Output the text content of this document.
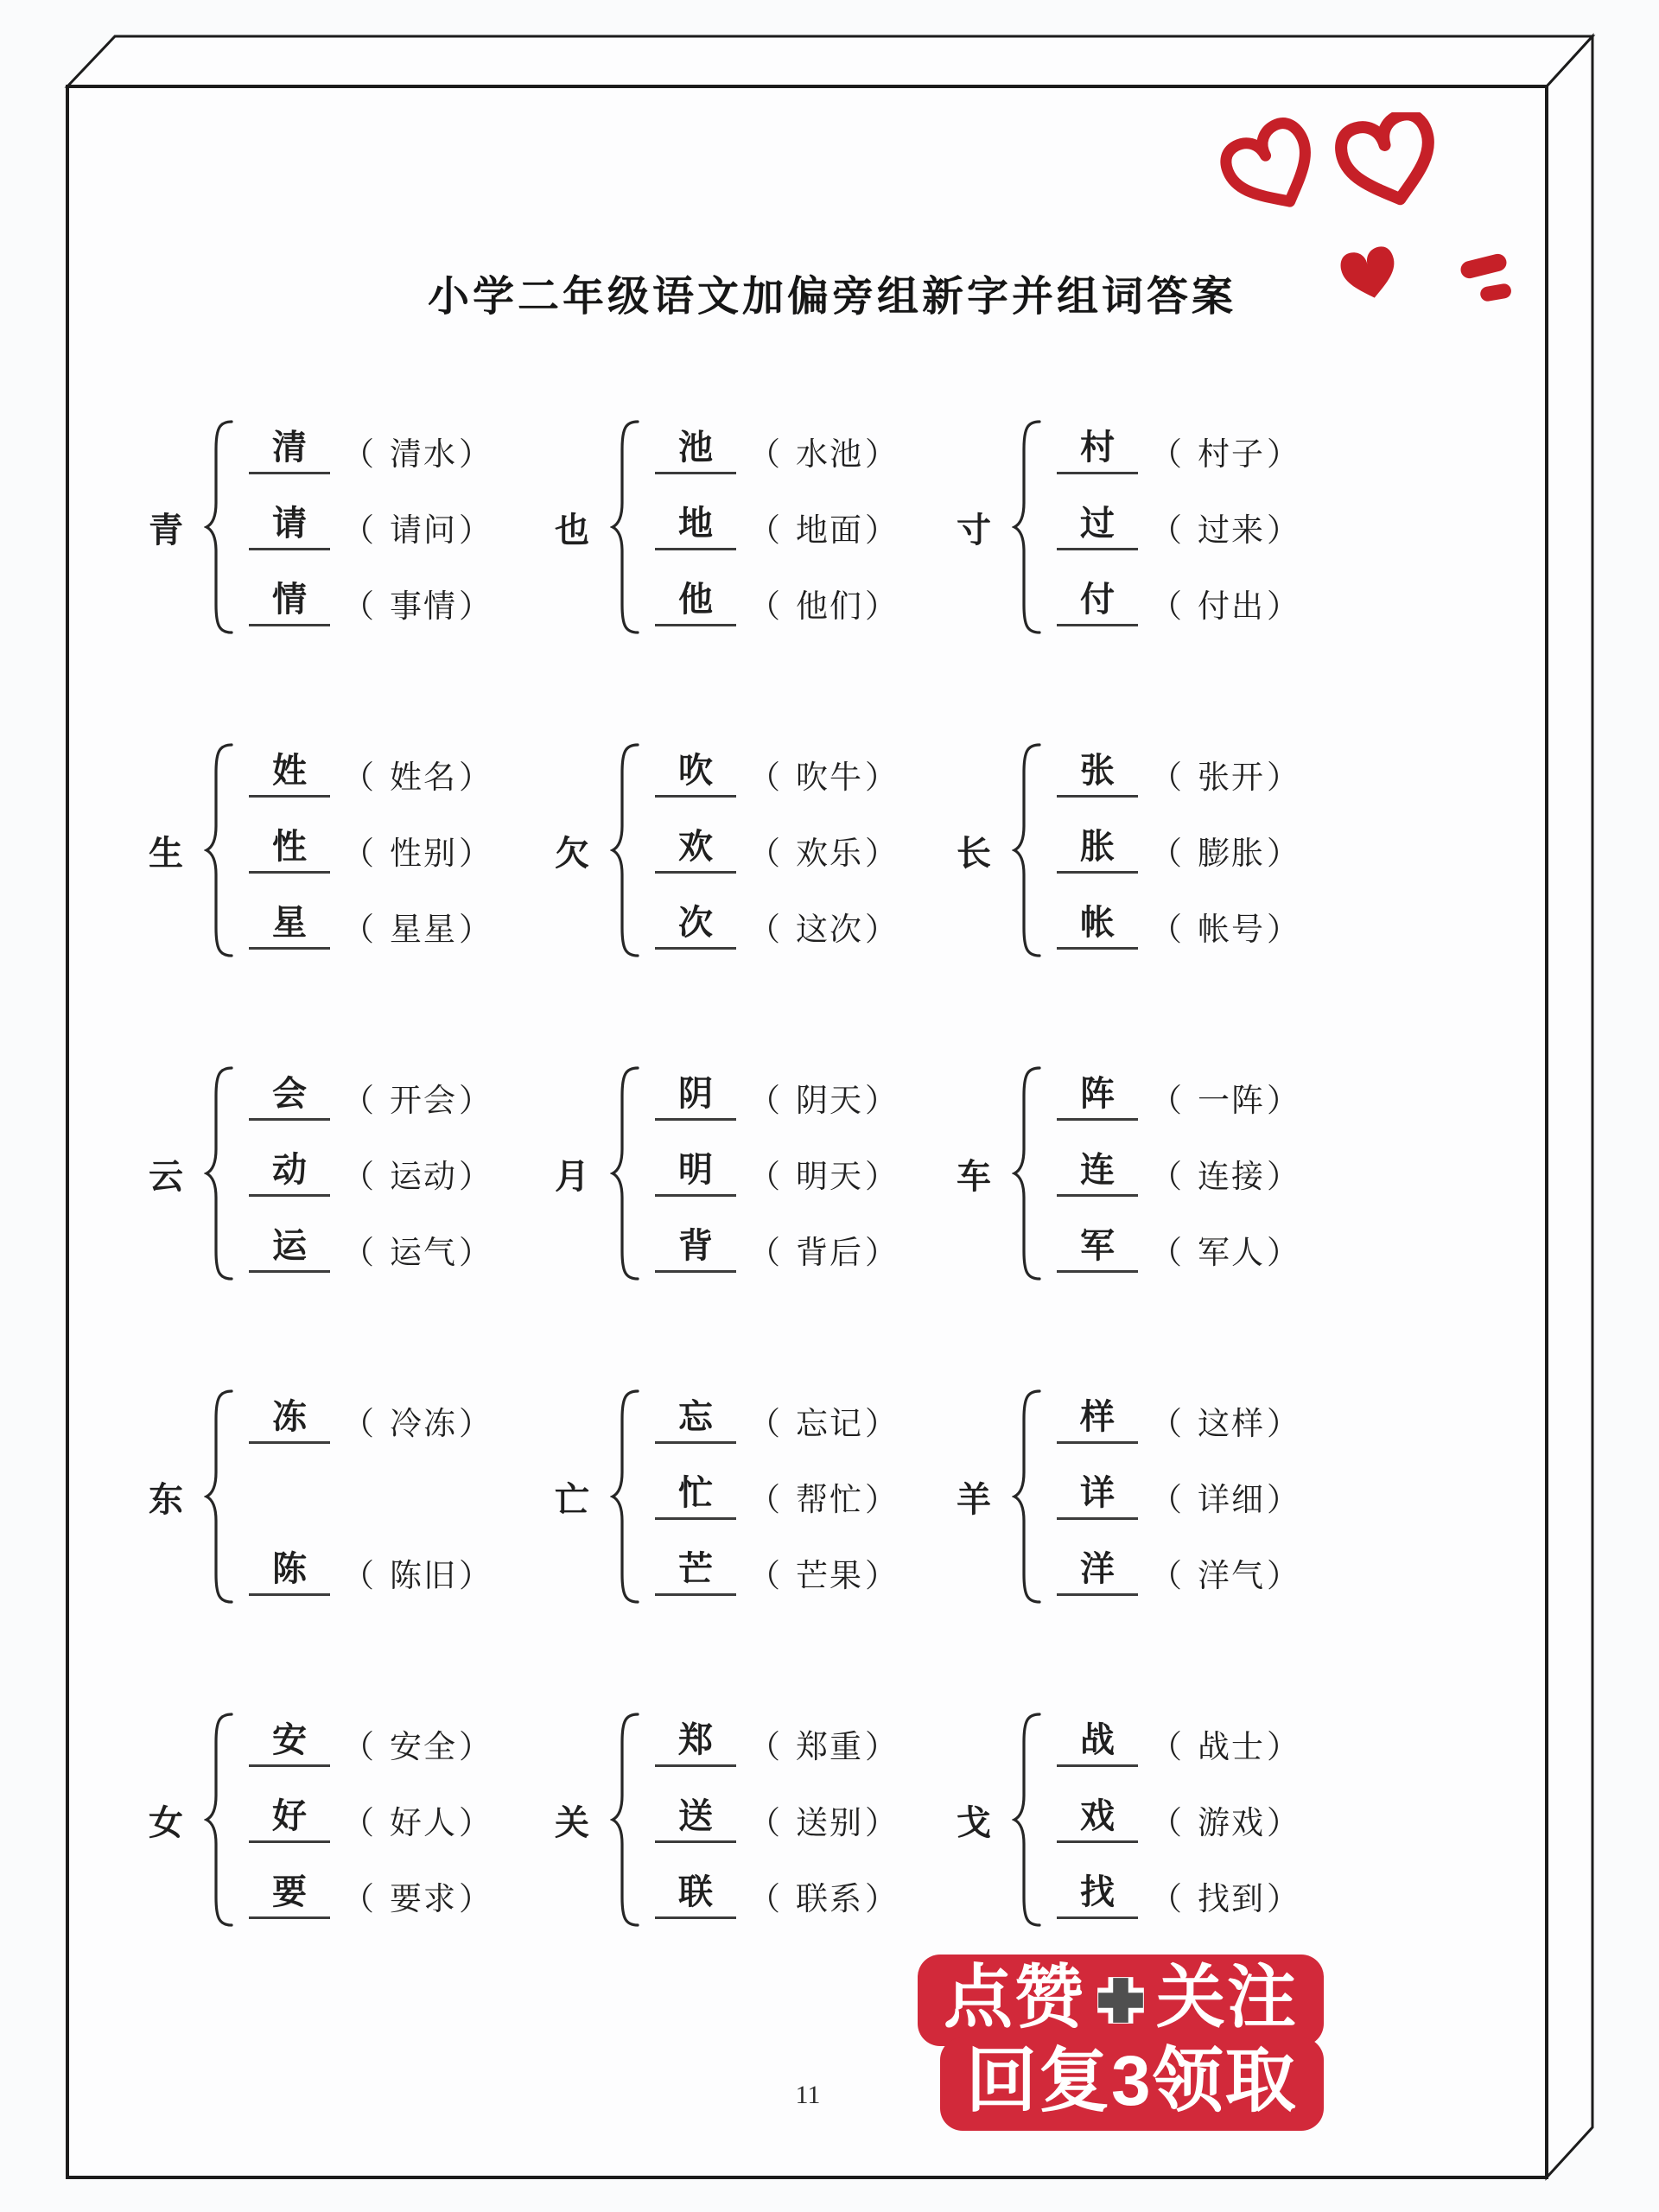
小学二年级语文加偏旁组新字并组词答案
青
清	（ 清水 ）
请	（ 请问 ）
情	（ 事情 ）
也
池	（ 水池 ）
地	（ 地面 ）
他	（ 他们 ）
寸
村	（ 村子 ）
过	（ 过来 ）
付	（ 付出 ）
生
姓	（ 姓名 ）
性	（ 性别 ）
星	（ 星星 ）
欠
吹	（ 吹牛 ）
欢	（ 欢乐 ）
次	（ 这次 ）
长
张	（ 张开 ）
胀	（ 膨胀 ）
帐	（ 帐号 ）
云
会	（ 开会 ）
动	（ 运动 ）
运	（ 运气 ）
月
阴	（ 阴天 ）
明	（ 明天 ）
背	（ 背后 ）
车
阵	（ 一阵 ）
连	（ 连接 ）
军	（ 军人 ）
东
冻	（ 冷冻 ）
陈	（ 陈旧 ）
亡
忘	（ 忘记 ）
忙	（ 帮忙 ）
芒	（ 芒果 ）
羊
样	（ 这样 ）
详	（ 详细 ）
洋	（ 洋气 ）
女
安	（ 安全 ）
好	（ 好人 ）
要	（ 要求 ）
关
郑	（ 郑重 ）
送	（ 送别 ）
联	（ 联系 ）
戈
战	（ 战士 ）
戏	（ 游戏 ）
找	（ 找到 ）
11
点赞 关注
回复3领取
